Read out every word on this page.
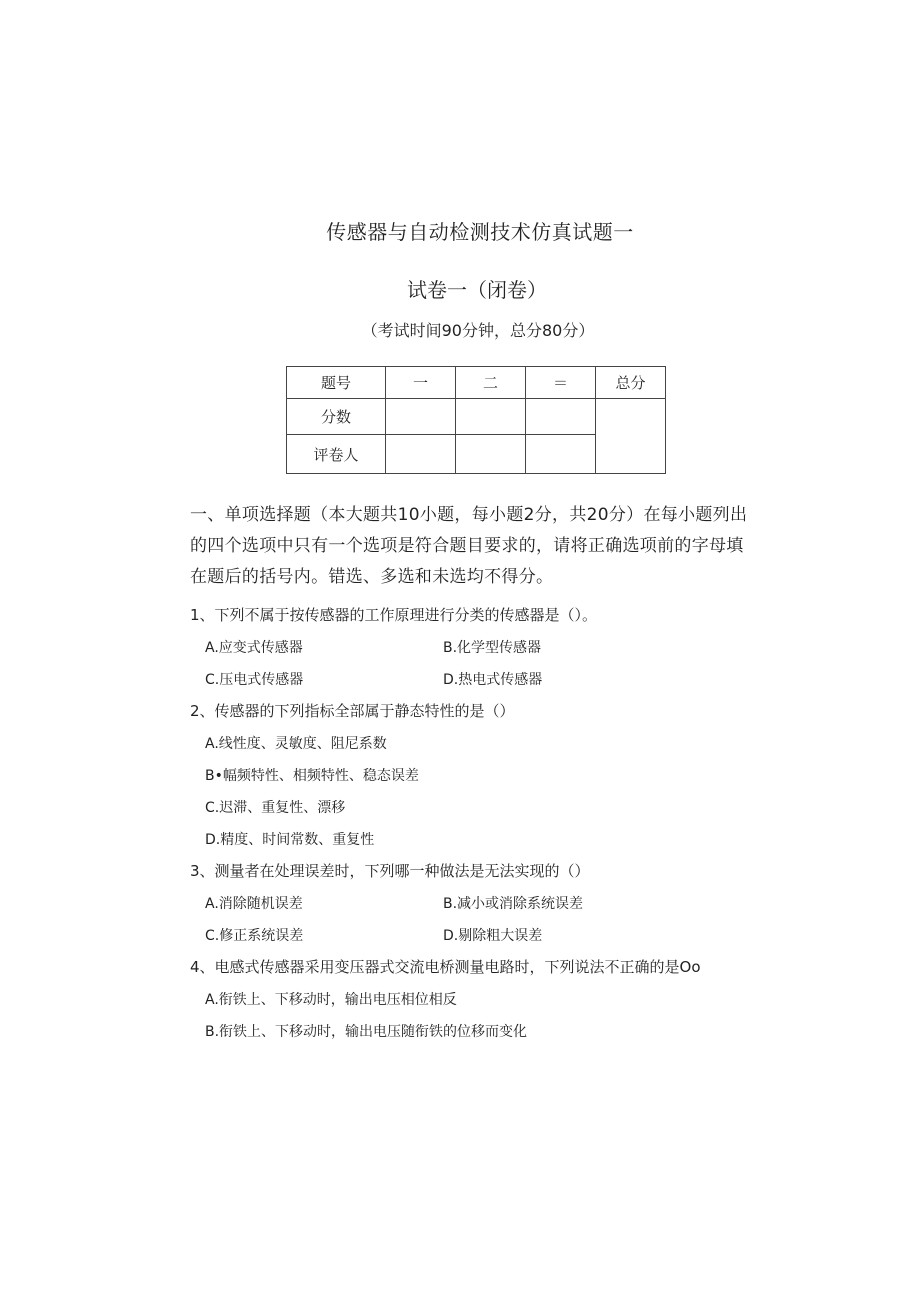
传感器与自动检测技术仿真试题一
试卷一（闭卷）
（考试时间90分钟，总分80分）
题号	一	二	＝	总分
分数				
评卷人				
一、单项选择题（本大题共10小题，每小题2分，共20分）在每小题列出的四个选项中只有一个选项是符合题目要求的，请将正确选项前的字母填在题后的括号内。错选、多选和未选均不得分。
1、下列不属于按传感器的工作原理进行分类的传感器是（）。
A.应变式传感器	B.化学型传感器
C.压电式传感器	D.热电式传感器
2、传感器的下列指标全部属于静态特性的是（）
A.线性度、灵敏度、阻尼系数
B•幅频特性、相频特性、稳态误差
C.迟滞、重复性、漂移
D.精度、时间常数、重复性
3、测量者在处理误差时，下列哪一种做法是无法实现的（）
A.消除随机误差	B.减小或消除系统误差
C.修正系统误差	D.剔除粗大误差
4、电感式传感器采用变压器式交流电桥测量电路时，下列说法不正确的是Oo
A.衔铁上、下移动时，输出电压相位相反
B.衔铁上、下移动时，输出电压随衔铁的位移而变化
